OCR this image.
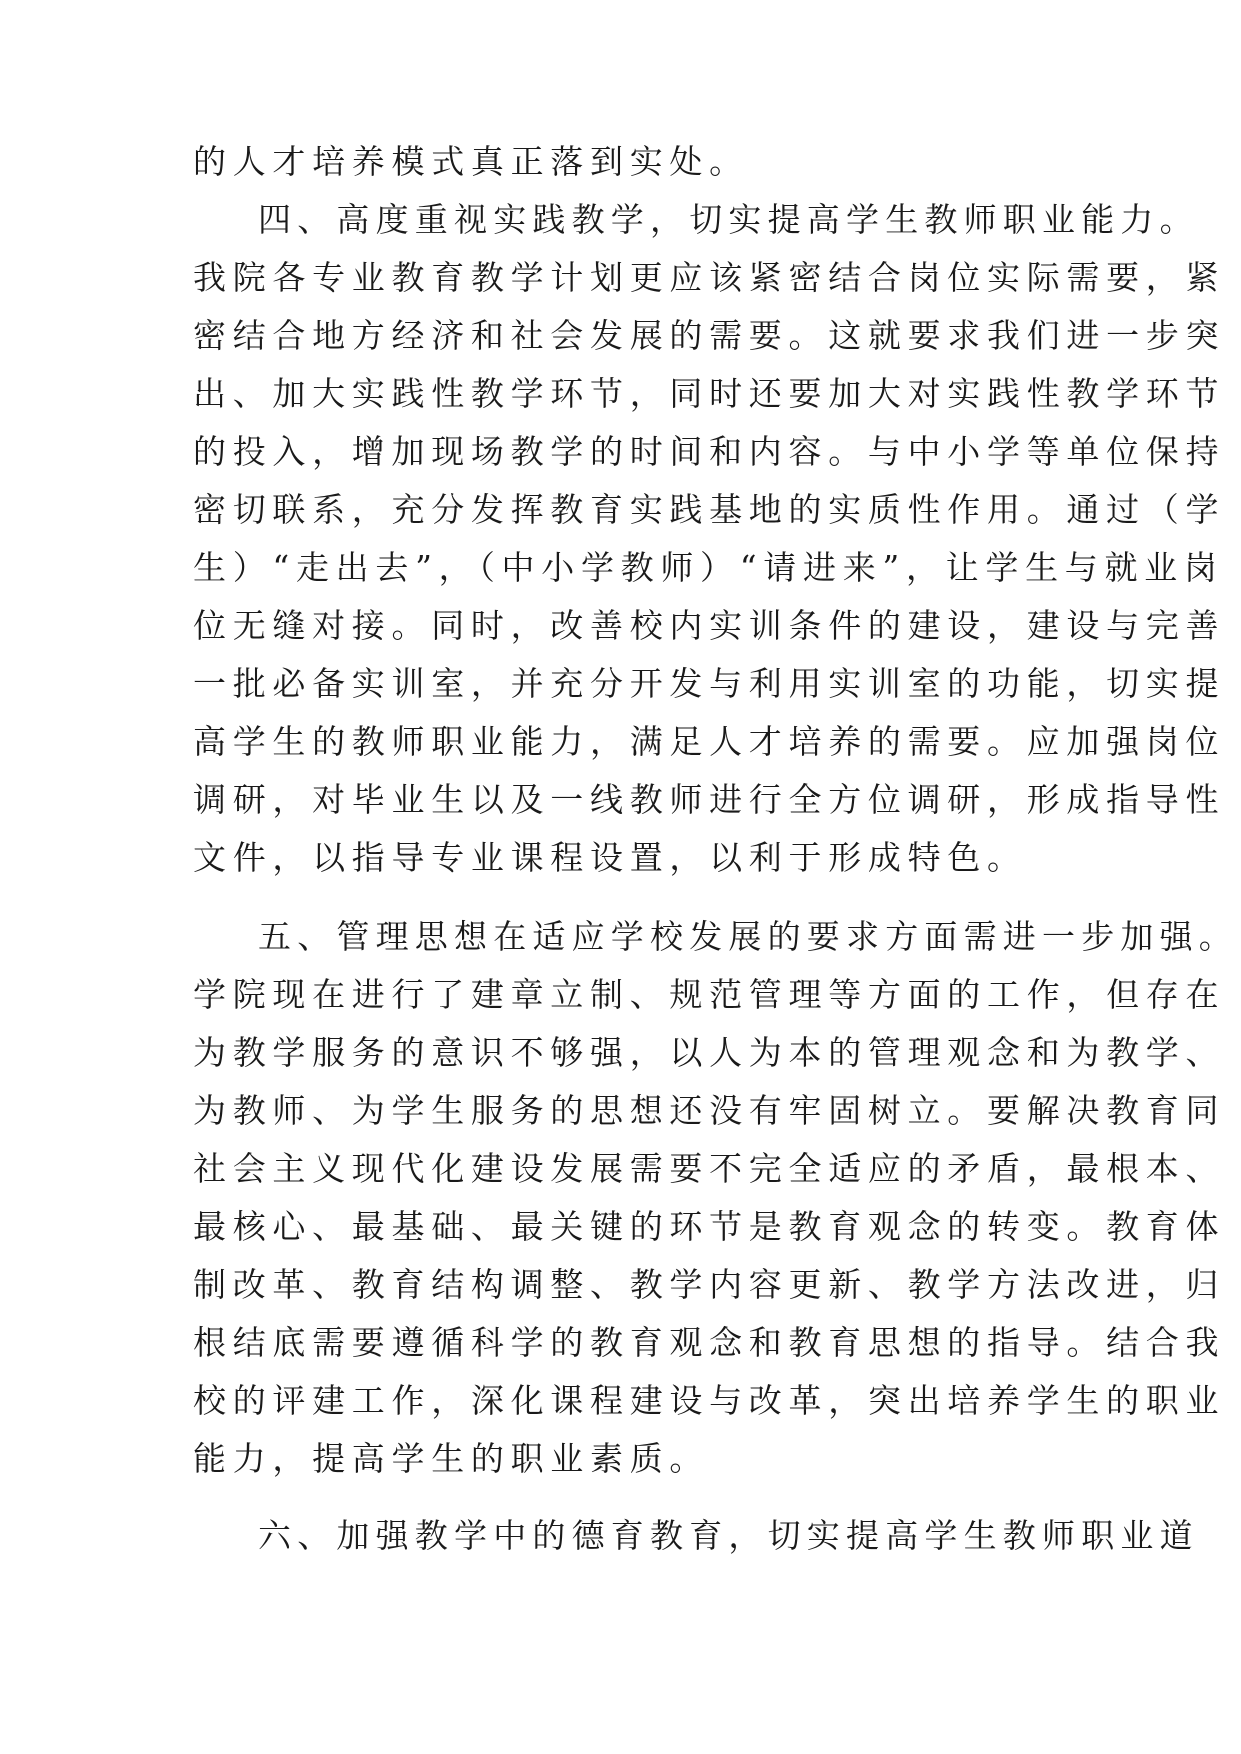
的人才培养模式真正落到实处。
四、高度重视实践教学，切实提高学生教师职业能力。
我院各专业教育教学计划更应该紧密结合岗位实际需要，紧
密结合地方经济和社会发展的需要。这就要求我们进一步突
出、加大实践性教学环节，同时还要加大对实践性教学环节
的投入，增加现场教学的时间和内容。与中小学等单位保持
密切联系，充分发挥教育实践基地的实质性作用。通过（学
生）“走出去”，（中小学教师）“请进来”，让学生与就业岗
位无缝对接。同时，改善校内实训条件的建设，建设与完善
一批必备实训室，并充分开发与利用实训室的功能，切实提
高学生的教师职业能力，满足人才培养的需要。应加强岗位
调研，对毕业生以及一线教师进行全方位调研，形成指导性
文件，以指导专业课程设置，以利于形成特色。
五、管理思想在适应学校发展的要求方面需进一步加强。
学院现在进行了建章立制、规范管理等方面的工作，但存在
为教学服务的意识不够强，以人为本的管理观念和为教学、
为教师、为学生服务的思想还没有牢固树立。要解决教育同
社会主义现代化建设发展需要不完全适应的矛盾，最根本、
最核心、最基础、最关键的环节是教育观念的转变。教育体
制改革、教育结构调整、教学内容更新、教学方法改进，归
根结底需要遵循科学的教育观念和教育思想的指导。结合我
校的评建工作，深化课程建设与改革，突出培养学生的职业
能力，提高学生的职业素质。
六、加强教学中的德育教育，切实提高学生教师职业道
